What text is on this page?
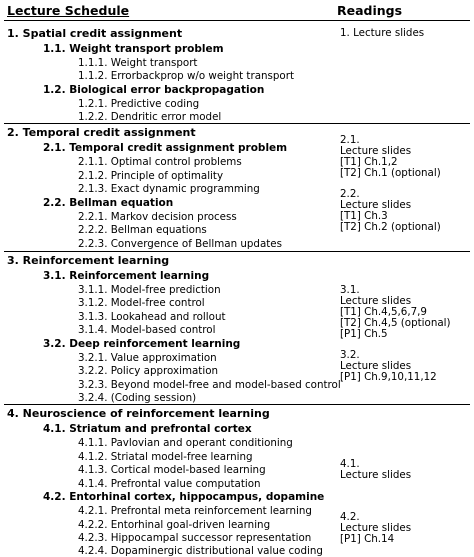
Lecture Schedule	Readings
1. Spatial credit assignment
1.1. Weight transport problem
1.1.1. Weight transport
1.1.2. Errorbackprop w/o weight transport
1.2. Biological error backpropagation
1.2.1. Predictive coding
1.2.2. Dendritic error model
1. Lecture slides
2. Temporal credit assignment
2.1. Temporal credit assignment problem
2.1.1. Optimal control problems
2.1.2. Principle of optimality
2.1.3. Exact dynamic programming
2.2. Bellman equation
2.2.1. Markov decision process
2.2.2. Bellman equations
2.2.3. Convergence of Bellman updates
2.1.
Lecture slides
[T1] Ch.1,2
[T2] Ch.1 (optional)
2.2.
Lecture slides
[T1] Ch.3
[T2] Ch.2 (optional)
3. Reinforcement learning
3.1. Reinforcement learning
3.1.1. Model-free prediction
3.1.2. Model-free control
3.1.3. Lookahead and rollout
3.1.4. Model-based control
3.2. Deep reinforcement learning
3.2.1. Value approximation
3.2.2. Policy approximation
3.2.3. Beyond model-free and model-based control
3.2.4. (Coding session)
3.1.
Lecture slides
[T1] Ch.4,5,6,7,9
[T2] Ch.4,5 (optional)
[P1] Ch.5
3.2.
Lecture slides
[P1] Ch.9,10,11,12
4. Neuroscience of reinforcement learning
4.1. Striatum and prefrontal cortex
4.1.1. Pavlovian and operant conditioning
4.1.2. Striatal model-free learning
4.1.3. Cortical model-based learning
4.1.4. Prefrontal value computation
4.2. Entorhinal cortex, hippocampus, dopamine
4.2.1. Prefrontal meta reinforcement learning
4.2.2. Entorhinal goal-driven learning
4.2.3. Hippocampal successor representation
4.2.4. Dopaminergic distributional value coding
4.1.
Lecture slides
4.2.
Lecture slides
[P1] Ch.14
